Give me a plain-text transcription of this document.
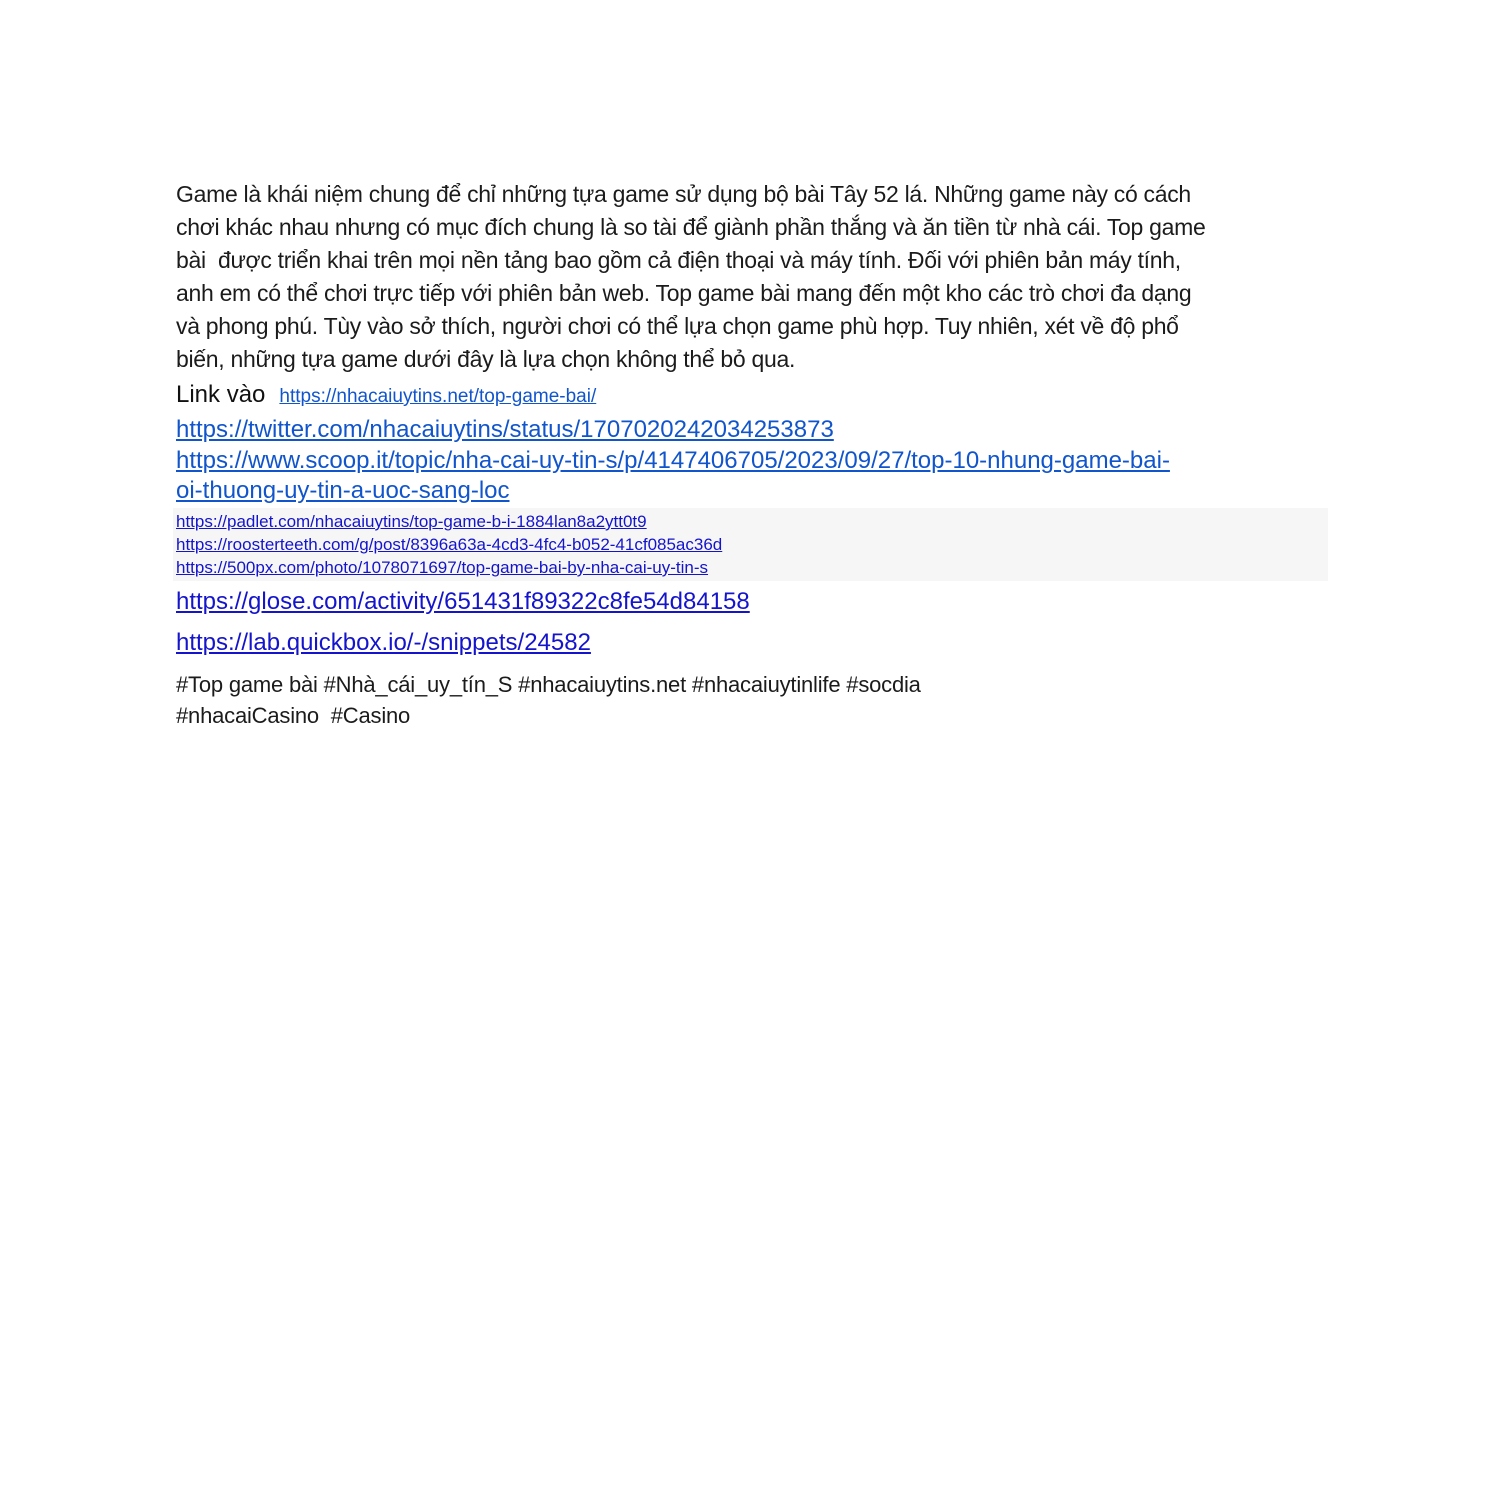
Game là khái niệm chung để chỉ những tựa game sử dụng bộ bài Tây 52 lá. Những game này có cách
chơi khác nhau nhưng có mục đích chung là so tài để giành phần thắng và ăn tiền từ nhà cái. Top game
bài  được triển khai trên mọi nền tảng bao gồm cả điện thoại và máy tính. Đối với phiên bản máy tính,
anh em có thể chơi trực tiếp với phiên bản web. Top game bài mang đến một kho các trò chơi đa dạng
và phong phú. Tùy vào sở thích, người chơi có thể lựa chọn game phù hợp. Tuy nhiên, xét về độ phổ
biến, những tựa game dưới đây là lựa chọn không thể bỏ qua.
Link vào https://nhacaiuytins.net/top-game-bai/
https://twitter.com/nhacaiuytins/status/1707020242034253873
https://www.scoop.it/topic/nha-cai-uy-tin-s/p/4147406705/2023/09/27/top-10-nhung-game-bai-
oi-thuong-uy-tin-a-uoc-sang-loc
https://padlet.com/nhacaiuytins/top-game-b-i-1884lan8a2ytt0t9
https://roosterteeth.com/g/post/8396a63a-4cd3-4fc4-b052-41cf085ac36d
https://500px.com/photo/1078071697/top-game-bai-by-nha-cai-uy-tin-s
https://glose.com/activity/651431f89322c8fe54d84158
https://lab.quickbox.io/-/snippets/24582
#Top game bài #Nhà_cái_uy_tín_S #nhacaiuytins.net #nhacaiuytinlife #socdia
#nhacaiCasino  #Casino
